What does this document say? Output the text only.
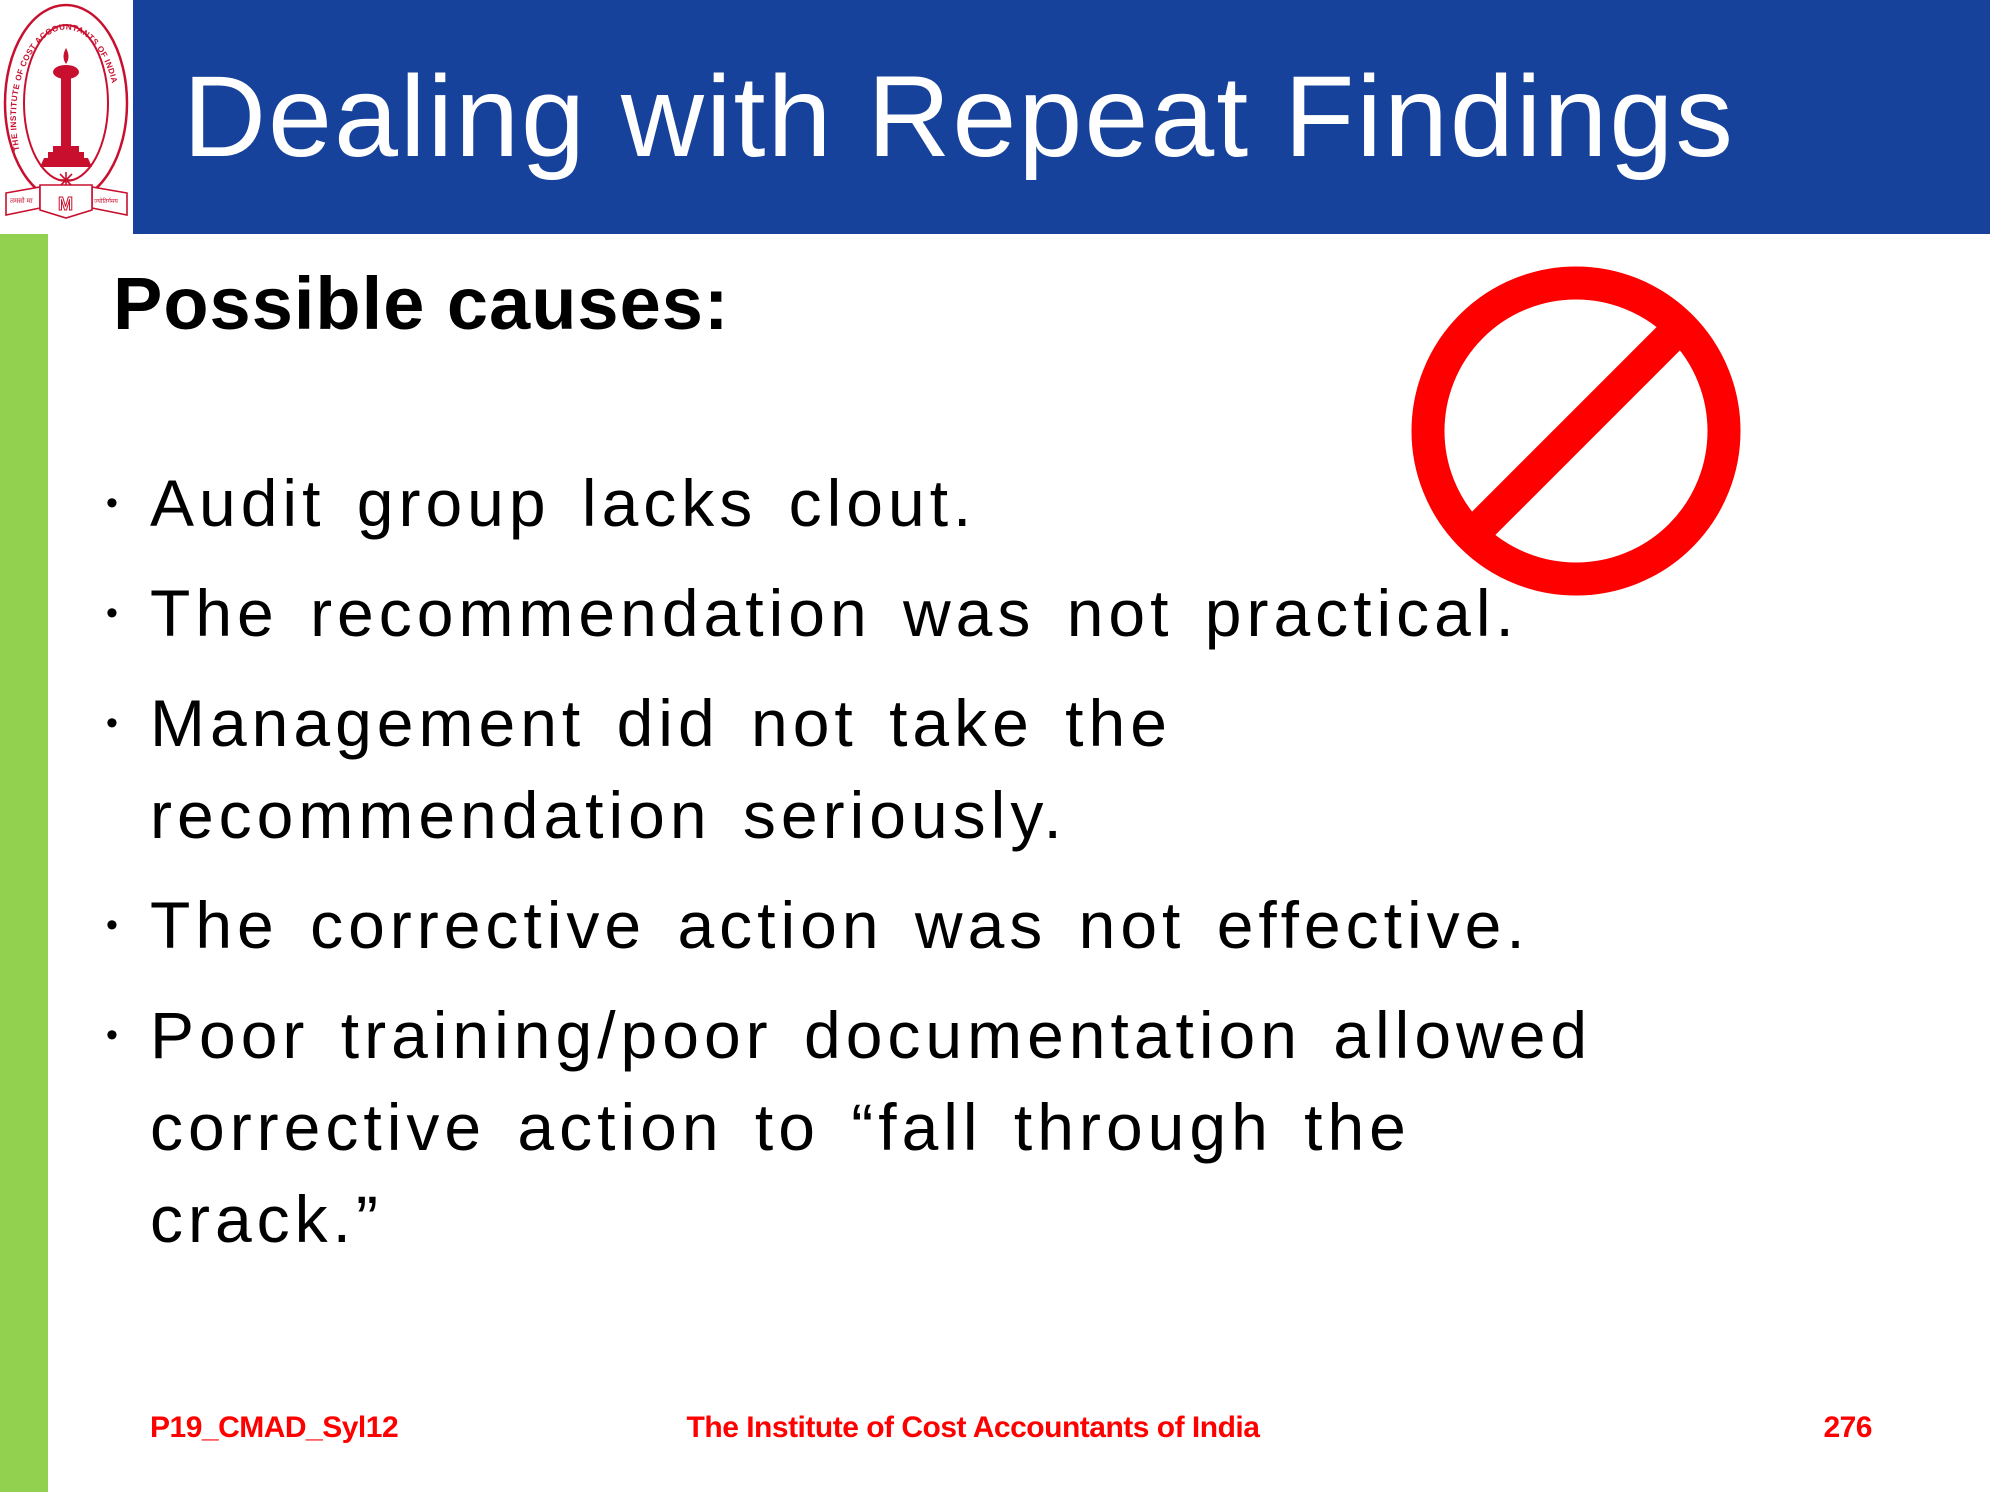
Dealing with Repeat Findings
THE INSTITUTE OF COST ACCOUNTANTS OF INDIA
तमसो मा	ज्योतिर्गमय
M
Possible causes:
• Audit group lacks clout.
• The recommendation was not practical.
• Management did not take the
recommendation seriously.
• The corrective action was not effective.
• Poor training/poor documentation allowed
corrective action to “fall through the
crack.”
P19_CMAD_Syl12	The Institute of Cost Accountants of India	276
